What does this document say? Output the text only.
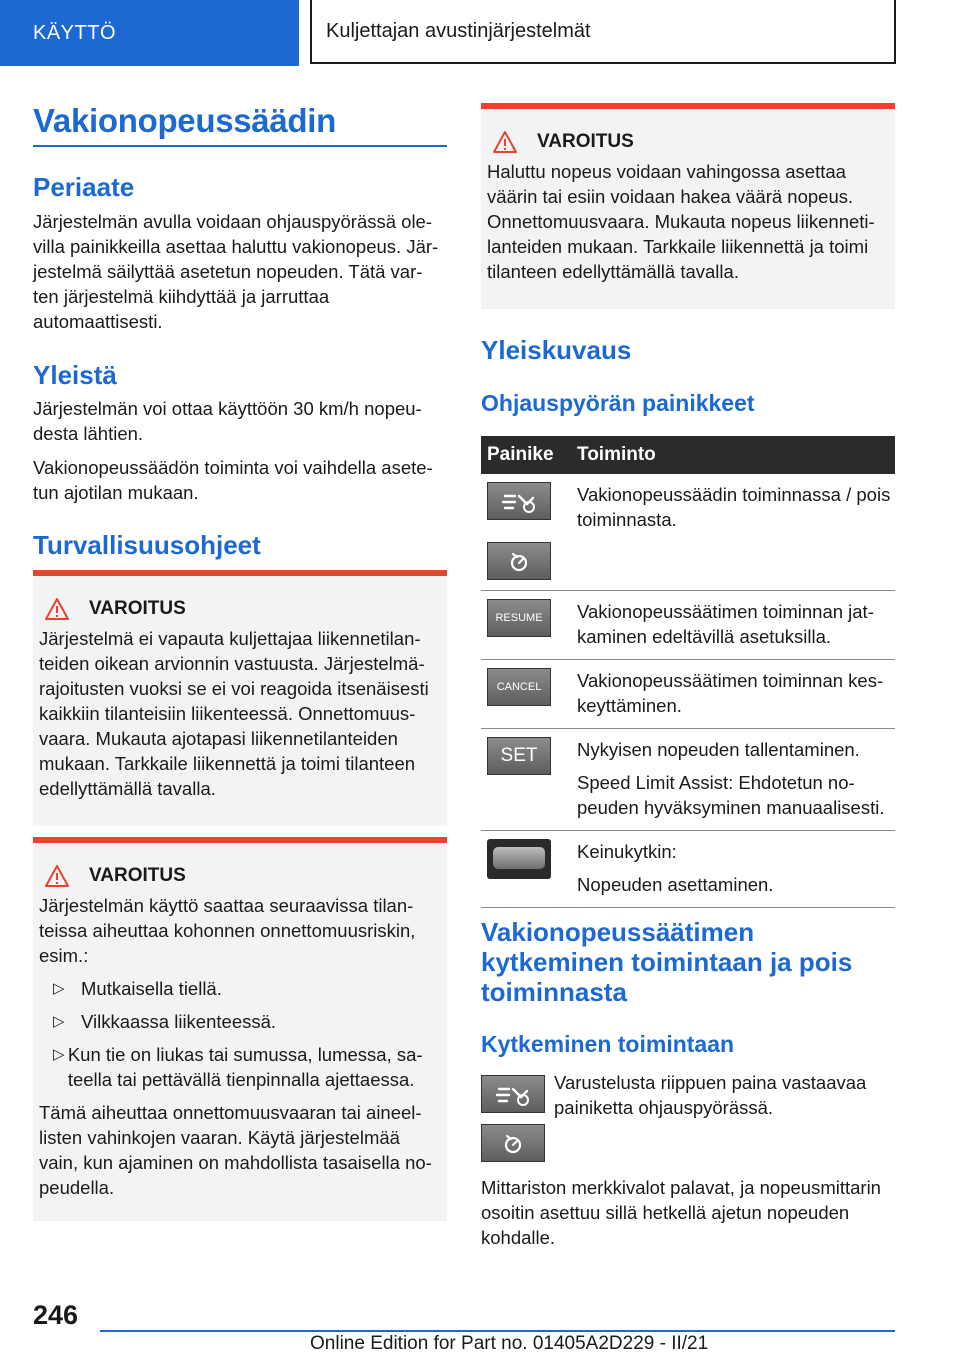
KÄYTTÖ	Kuljettajan avustinjärjestelmät
Vakionopeussäädin
Periaate

Järjestelmän avulla voidaan ohjauspyörässä ole-villa painikkeilla asettaa haluttu vakionopeus. Jär-jestelmä säilyttää asetetun nopeuden. Tätä var-ten järjestelmä kiihdyttää ja jarruttaa automaattisesti.

Yleistä

Järjestelmän voi ottaa käyttöön 30 km/h nopeu-desta lähtien.

Vakionopeussäädön toiminta voi vaihdella asete-tun ajotilan mukaan.

Turvallisuusohjeet
VAROITUS

Järjestelmä ei vapauta kuljettajaa liikennetilan-teiden oikean arvionnin vastuusta. Järjestelmä-rajoitusten vuoksi se ei voi reagoida itsenäisesti kaikkiin tilanteisiin liikenteessä. Onnettomuus-vaara. Mukauta ajotapasi liikennetilanteiden mukaan. Tarkkaile liikennettä ja toimi tilanteen edellyttämällä tavalla.

VAROITUS

Järjestelmän käyttö saattaa seuraavissa tilan-teissa aiheuttaa kohonnen onnettomuusriskin, esim.:

▷ Mutkaisella tiellä.
▷ Vilkkaassa liikenteessä.
▷ Kun tie on liukas tai sumussa, lumessa, sa-teella tai pettävällä tienpinnalla ajettaessa.

Tämä aiheuttaa onnettomuusvaaran tai aineel-listen vahinkojen vaaran. Käytä järjestelmää vain, kun ajaminen on mahdollista tasaisella no-peudella.

VAROITUS

Haluttu nopeus voidaan vahingossa asettaa väärin tai esiin voidaan hakea väärä nopeus. Onnettomuusvaara. Mukauta nopeus liikenneti-lanteiden mukaan. Tarkkaile liikennettä ja toimi tilanteen edellyttämällä tavalla.

Yleiskuvaus
Ohjauspyörän painikkeet
Painike	Toiminto

	Vakionopeussäädin toiminnassa / pois toiminnasta.

RESUME	Vakionopeussäätimen toiminnan jat-kaminen edeltävillä asetuksilla.

CANCEL	Vakionopeussäätimen toiminnan kes-keyttäminen.

SET	Nykyisen nopeuden tallentaminen.
Speed Limit Assist: Ehdotetun no-peuden hyväksyminen manuaalisesti.

	Keinukytkin:
Nopeuden asettaminen.
Vakionopeussäätimen kytkeminen toimintaan ja pois toiminnasta
Kytkeminen toimintaan

Varustelusta riippuen paina vastaavaa painiketta ohjauspyörässä.

Mittariston merkkivalot palavat, ja nopeusmittarin osoitin asettuu sillä hetkellä ajetun nopeuden kohdalle.

246
Online Edition for Part no. 01405A2D229 - II/21
